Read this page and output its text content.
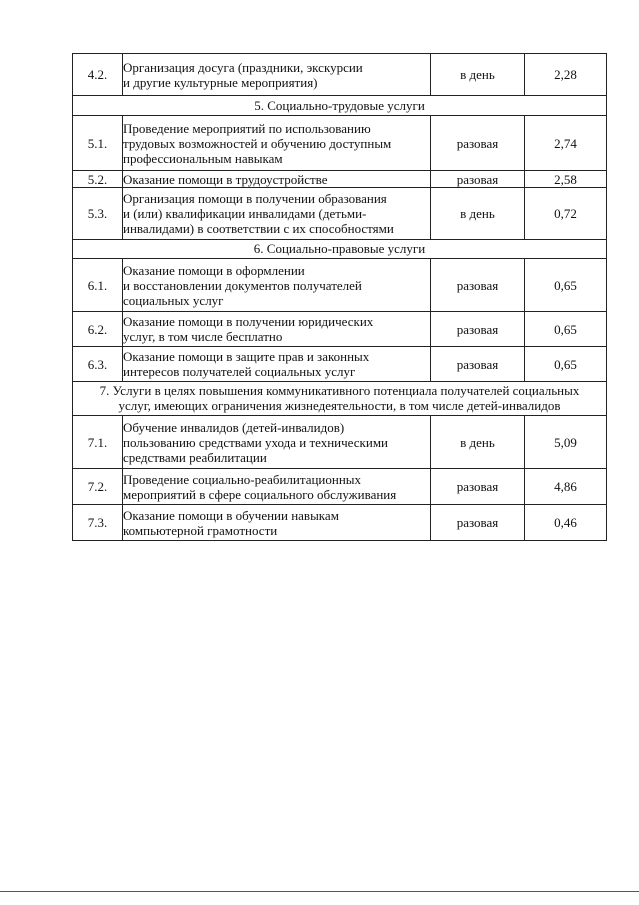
4.2.	Организация досуга (праздники, экскурсии
и другие культурные мероприятия)	в день	2,28
5. Социально-трудовые услуги			
5.1.	Проведение мероприятий по использованию
трудовых возможностей и обучению доступным
профессиональным навыкам	разовая	2,74
5.2.	Оказание помощи в трудоустройстве	разовая	2,58
5.3.	Организация помощи в получении образования
и (или) квалификации инвалидами (детьми-
инвалидами) в соответствии с их способностями	в день	0,72
6. Социально-правовые услуги			
6.1.	Оказание помощи в оформлении
и восстановлении документов получателей
социальных услуг	разовая	0,65
6.2.	Оказание помощи в получении юридических
услуг, в том числе бесплатно	разовая	0,65
6.3.	Оказание помощи в защите прав и законных
интересов получателей социальных услуг	разовая	0,65

7. Услуги в целях повышения коммуникативного потенциала получателей социальных
услуг, имеющих ограничения жизнедеятельности, в том числе детей-инвалидов			

7.1.	Обучение инвалидов (детей-инвалидов)
пользованию средствами ухода и техническими
средствами реабилитации	в день	5,09
7.2.	Проведение социально-реабилитационных
мероприятий в сфере социального обслуживания	разовая	4,86
7.3.	Оказание помощи в обучении навыкам
компьютерной грамотности	разовая	0,46
